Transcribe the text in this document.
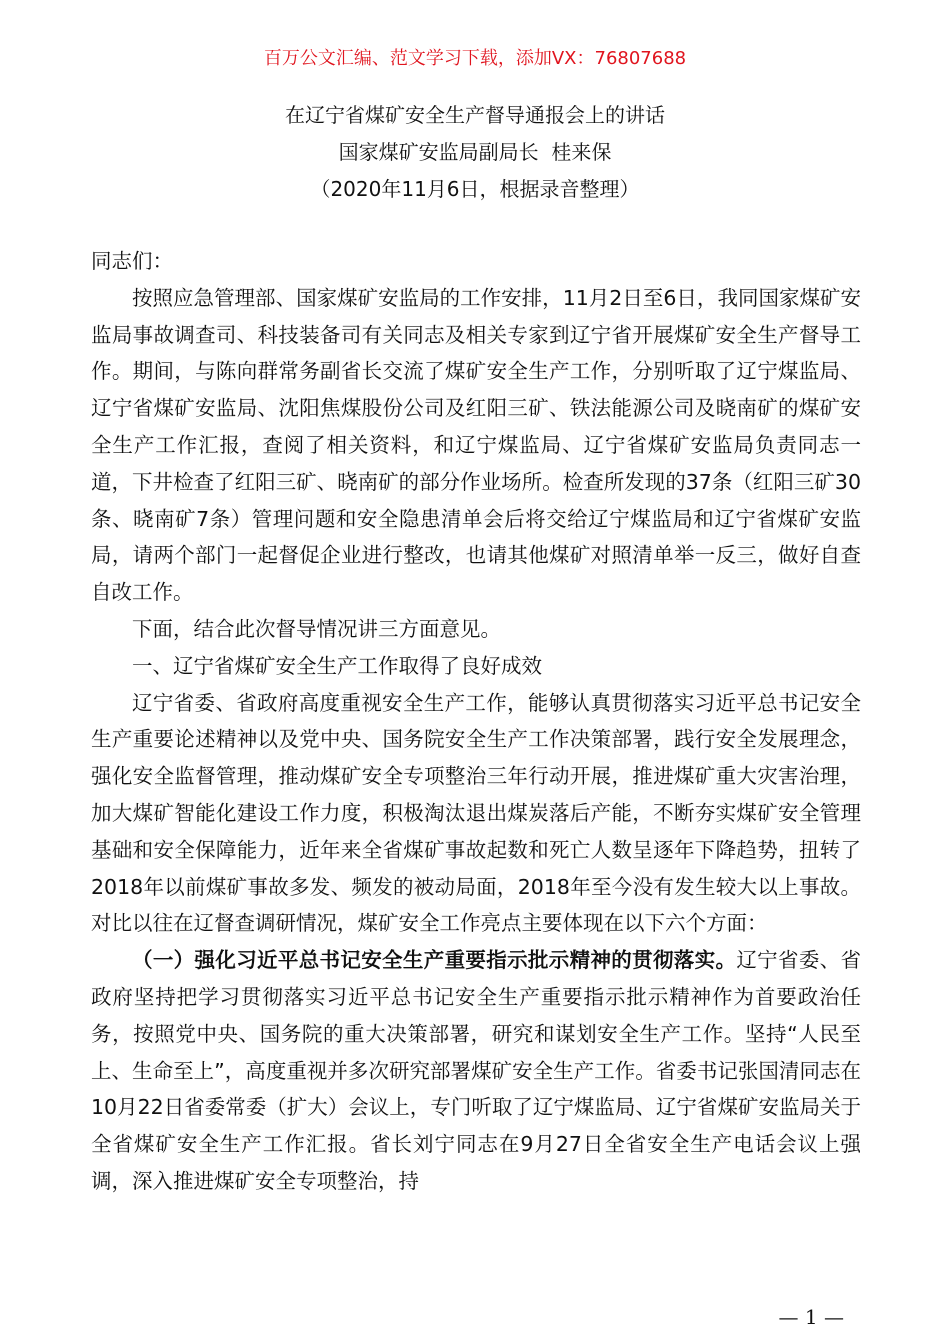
百万公文汇编、范文学习下载，添加VX：76807688
在辽宁省煤矿安全生产督导通报会上的讲话
国家煤矿安监局副局长  桂来保
（2020年11月6日，根据录音整理）

同志们：

按照应急管理部、国家煤矿安监局的工作安排，11月2日至6日，我同国家煤矿安监局事故调查司、科技装备司有关同志及相关专家到辽宁省开展煤矿安全生产督导工作。期间，与陈向群常务副省长交流了煤矿安全生产工作，分别听取了辽宁煤监局、辽宁省煤矿安监局、沈阳焦煤股份公司及红阳三矿、铁法能源公司及晓南矿的煤矿安全生产工作汇报，查阅了相关资料，和辽宁煤监局、辽宁省煤矿安监局负责同志一道，下井检查了红阳三矿、晓南矿的部分作业场所。检查所发现的37条（红阳三矿30条、晓南矿7条）管理问题和安全隐患清单会后将交给辽宁煤监局和辽宁省煤矿安监局，请两个部门一起督促企业进行整改，也请其他煤矿对照清单举一反三，做好自查自改工作。

下面，结合此次督导情况讲三方面意见。

一、辽宁省煤矿安全生产工作取得了良好成效

辽宁省委、省政府高度重视安全生产工作，能够认真贯彻落实习近平总书记安全生产重要论述精神以及党中央、国务院安全生产工作决策部署，践行安全发展理念，强化安全监督管理，推动煤矿安全专项整治三年行动开展，推进煤矿重大灾害治理，加大煤矿智能化建设工作力度，积极淘汰退出煤炭落后产能，不断夯实煤矿安全管理基础和安全保障能力，近年来全省煤矿事故起数和死亡人数呈逐年下降趋势，扭转了2018年以前煤矿事故多发、频发的被动局面，2018年至今没有发生较大以上事故。对比以往在辽督查调研情况，煤矿安全工作亮点主要体现在以下六个方面：

（一）强化习近平总书记安全生产重要指示批示精神的贯彻落实。辽宁省委、省政府坚持把学习贯彻落实习近平总书记安全生产重要指示批示精神作为首要政治任务，按照党中央、国务院的重大决策部署，研究和谋划安全生产工作。坚持“人民至上、生命至上”，高度重视并多次研究部署煤矿安全生产工作。省委书记张国清同志在10月22日省委常委（扩大）会议上，专门听取了辽宁煤监局、辽宁省煤矿安监局关于全省煤矿安全生产工作汇报。省长刘宁同志在9月27日全省安全生产电话会议上强调，深入推进煤矿安全专项整治，持

— 1 —
